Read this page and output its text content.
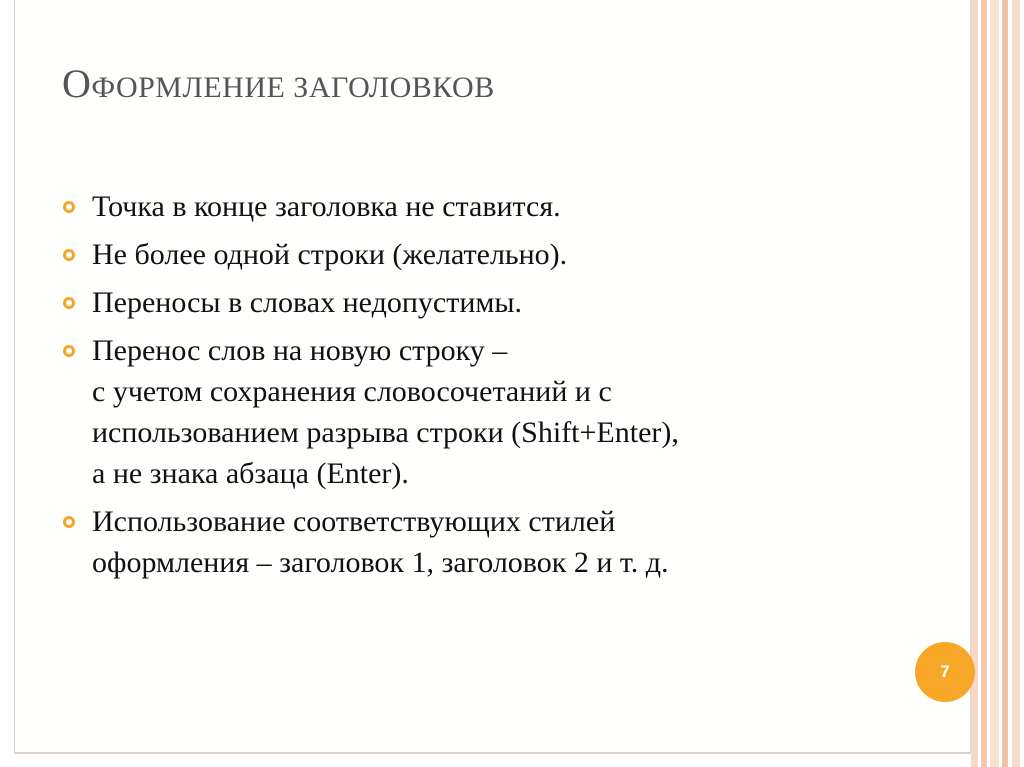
ОФОРМЛЕНИЕ ЗАГОЛОВКОВ
Точка в конце заголовка не ставится.
Не более одной строки (желательно).
Переносы в словах недопустимы.
Перенос слов на новую строку –
с учетом сохранения словосочетаний и с
использованием разрыва строки (Shift+Enter),
а не знака абзаца (Enter).
Использование соответствующих стилей
оформления – заголовок 1, заголовок 2 и т. д.
7
